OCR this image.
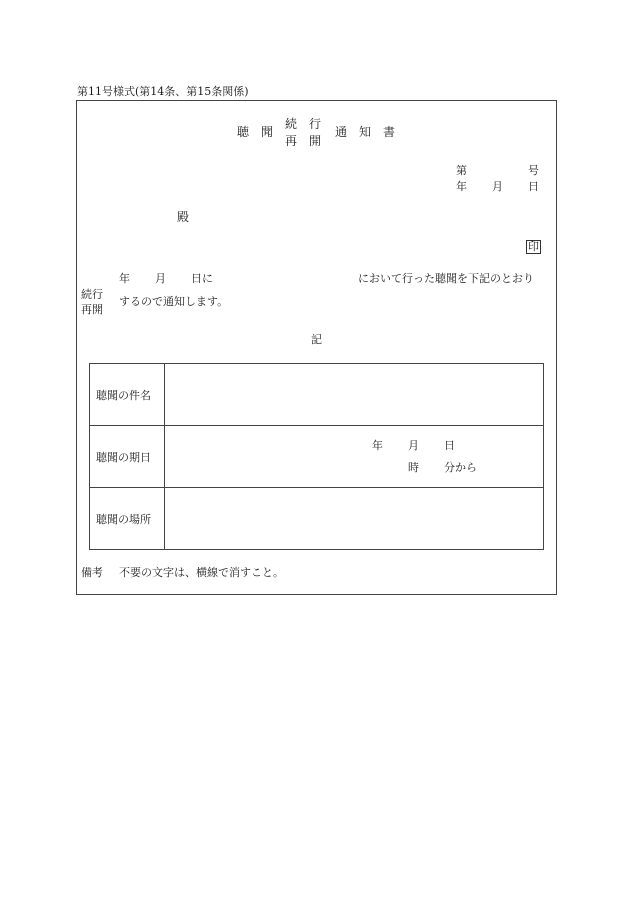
第11号様式(第14条、第15条関係)
聴　聞
続　行
再　開
通　知　書
第	号
年 月 日
殿
印
年 月 日に	において行った聴聞を下記のとおり
続行
再開
するので通知します。
記
聴聞の件名	
聴聞の期日	年 月 日
時 分から

聴聞の場所	
備考 不要の文字は、横線で消すこと。
